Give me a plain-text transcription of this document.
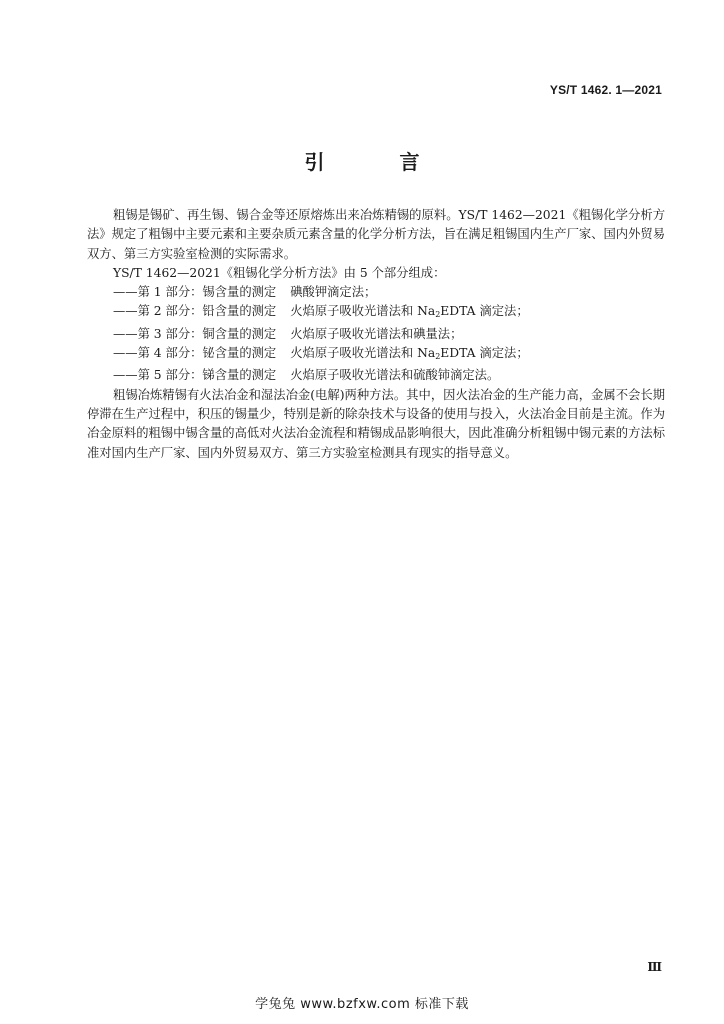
YS/T 1462. 1—2021
引 言

粗锡是锡矿、再生锡、锡合金等还原熔炼出来冶炼精锡的原料。YS/T 1462—2021《粗锡化学分析方法》规定了粗锡中主要元素和主要杂质元素含量的化学分析方法，旨在满足粗锡国内生产厂家、国内外贸易双方、第三方实验室检测的实际需求。

YS/T 1462—2021《粗锡化学分析方法》由 5 个部分组成：

——第 1 部分：锡含量的测定 碘酸钾滴定法；
——第 2 部分：铅含量的测定 火焰原子吸收光谱法和 $Na_2EDTA$ 滴定法；
——第 3 部分：铜含量的测定 火焰原子吸收光谱法和碘量法；
——第 4 部分：铋含量的测定 火焰原子吸收光谱法和 $Na_2EDTA$ 滴定法；
——第 5 部分：锑含量的测定 火焰原子吸收光谱法和硫酸铈滴定法。

粗锡冶炼精锡有火法冶金和湿法冶金(电解)两种方法。其中，因火法冶金的生产能力高，金属不会长期停滞在生产过程中，积压的锡量少，特别是新的除杂技术与设备的使用与投入，火法冶金目前是主流。作为冶金原料的粗锡中锡含量的高低对火法冶金流程和精锡成品影响很大，因此准确分析粗锡中锡元素的方法标准对国内生产厂家、国内外贸易双方、第三方实验室检测具有现实的指导意义。

Ⅲ
学兔兔 www.bzfxw.com 标准下载
